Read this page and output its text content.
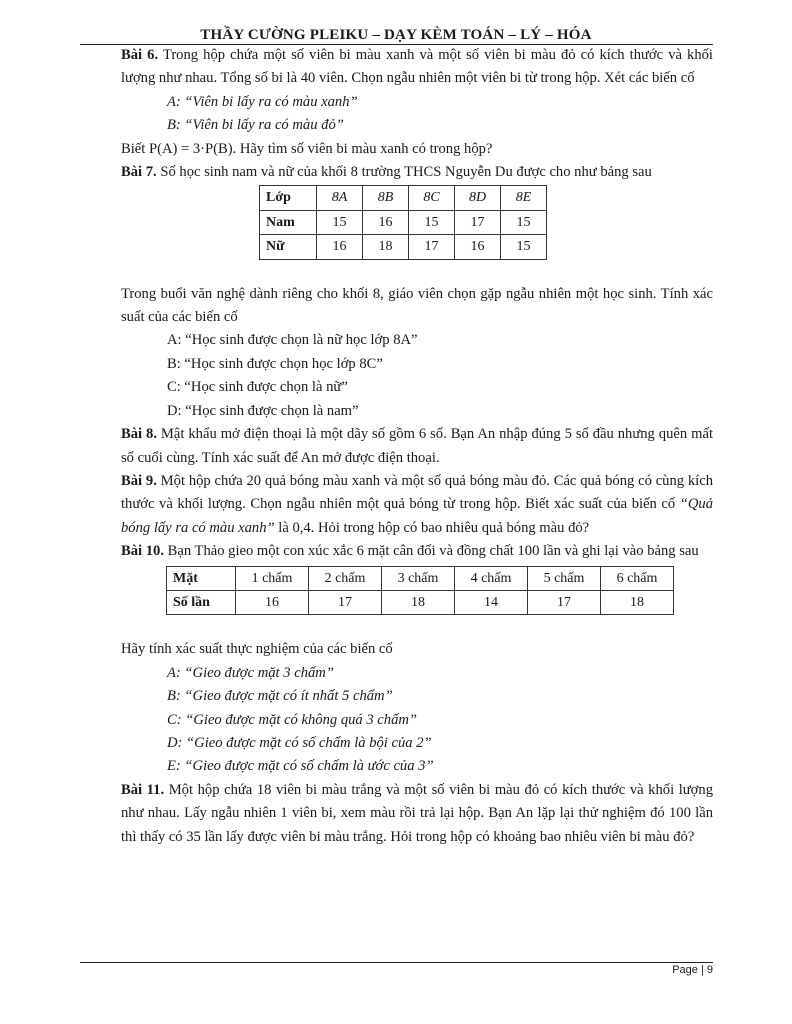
THẦY CƯỜNG PLEIKU – DẠY KÈM TOÁN – LÝ – HÓA

Bài 6. Trong hộp chứa một số viên bi màu xanh và một số viên bi màu đỏ có kích thước và khối lượng như nhau. Tổng số bi là 40 viên. Chọn ngẫu nhiên một viên bi từ trong hộp. Xét các biến cố

A: “Viên bi lấy ra có màu xanh”

B: “Viên bi lấy ra có màu đỏ”

Biết P(A) = 3·P(B). Hãy tìm số viên bi màu xanh có trong hộp?

Bài 7. Số học sinh nam và nữ của khối 8 trường THCS Nguyễn Du được cho như bảng sau

Lớp	8A	8B	8C	8D	8E
Nam	15	16	15	17	15
Nữ	16	18	17	16	15

Trong buổi văn nghệ dành riêng cho khối 8, giáo viên chọn gặp ngẫu nhiên một học sinh. Tính xác suất của các biến cố

A: “Học sinh được chọn là nữ học lớp 8A”

B: “Học sinh được chọn học lớp 8C”

C: “Học sinh được chọn là nữ”

D: “Học sinh được chọn là nam”

Bài 8. Mật khẩu mở điện thoại là một dãy số gồm 6 số. Bạn An nhập đúng 5 số đầu nhưng quên mất số cuối cùng. Tính xác suất để An mở được điện thoại.

Bài 9. Một hộp chứa 20 quả bóng màu xanh và một số quả bóng màu đỏ. Các quả bóng có cùng kích thước và khối lượng. Chọn ngẫu nhiên một quả bóng từ trong hộp. Biết xác suất của biến cố “Quả bóng lấy ra có màu xanh” là 0,4. Hỏi trong hộp có bao nhiêu quả bóng màu đỏ?

Bài 10. Bạn Thảo gieo một con xúc xắc 6 mặt cân đối và đồng chất 100 lần và ghi lại vào bảng sau

Mặt	1 chấm	2 chấm	3 chấm	4 chấm	5 chấm	6 chấm
Số lần	16	17	18	14	17	18

Hãy tính xác suất thực nghiệm của các biến cố

A: “Gieo được mặt 3 chấm”

B: “Gieo được mặt có ít nhất 5 chấm”

C: “Gieo được mặt có không quá 3 chấm”

D: “Gieo được mặt có số chấm là bội của 2”

E: “Gieo được mặt có số chấm là ước của 3”

Bài 11. Một hộp chứa 18 viên bi màu trắng và một số viên bi màu đỏ có kích thước và khối lượng như nhau. Lấy ngẫu nhiên 1 viên bi, xem màu rồi trả lại hộp. Bạn An lặp lại thử nghiệm đó 100 lần thì thấy có 35 lần lấy được viên bi màu trắng. Hỏi trong hộp có khoảng bao nhiêu viên bi màu đỏ?

Page | 9
